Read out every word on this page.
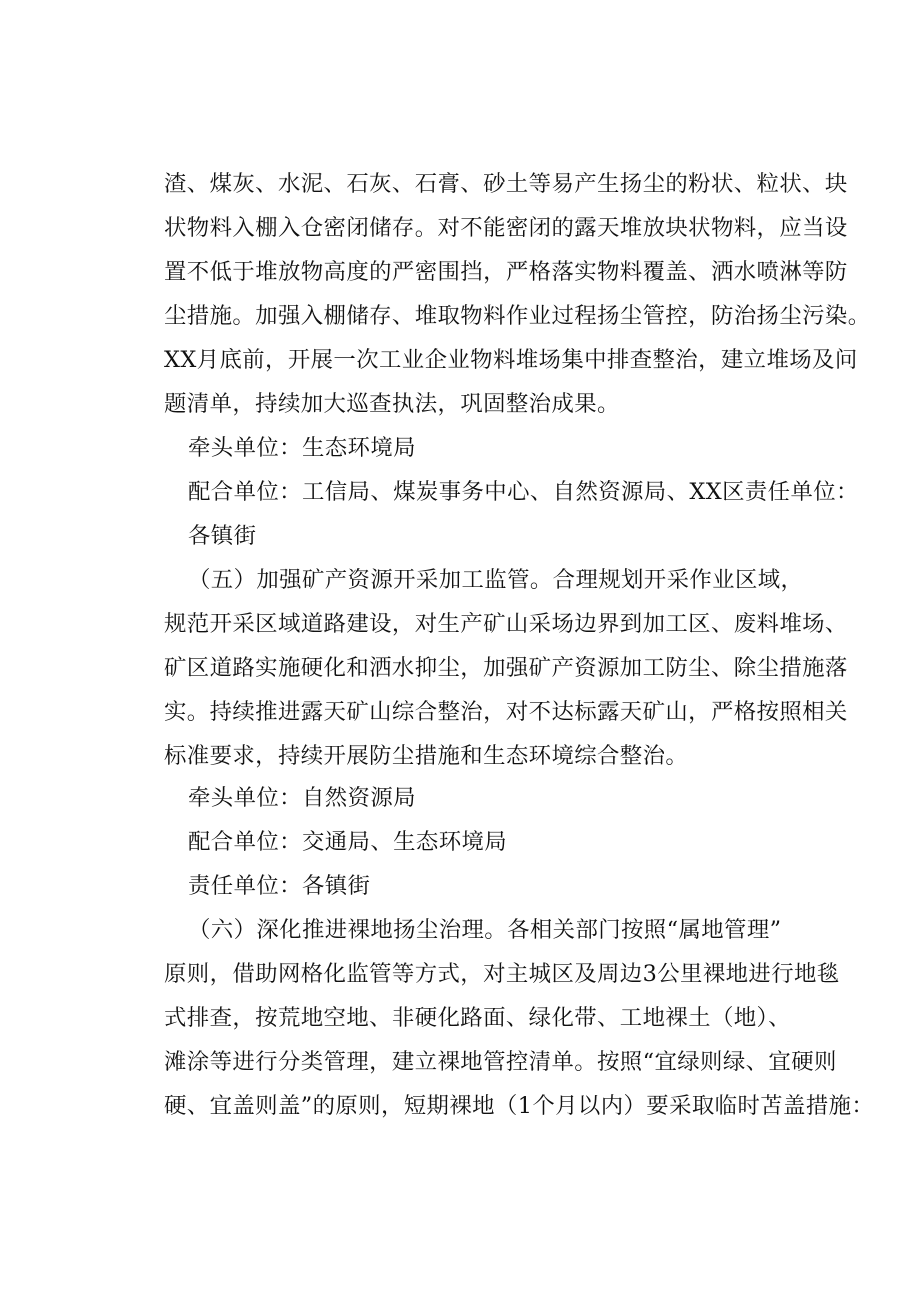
渣、煤灰、水泥、石灰、石膏、砂土等易产生扬尘的粉状、粒状、块
状物料入棚入仓密闭储存。对不能密闭的露天堆放块状物料，应当设
置不低于堆放物高度的严密围挡，严格落实物料覆盖、洒水喷淋等防
尘措施。加强入棚储存、堆取物料作业过程扬尘管控，防治扬尘污染。
XX月底前，开展一次工业企业物料堆场集中排查整治，建立堆场及问
题清单，持续加大巡查执法，巩固整治成果。
牵头单位：生态环境局
配合单位：工信局、煤炭事务中心、自然资源局、XX区责任单位：
各镇街
（五）加强矿产资源开采加工监管。合理规划开采作业区域，
规范开采区域道路建设，对生产矿山采场边界到加工区、废料堆场、
矿区道路实施硬化和洒水抑尘，加强矿产资源加工防尘、除尘措施落
实。持续推进露天矿山综合整治，对不达标露天矿山，严格按照相关
标准要求，持续开展防尘措施和生态环境综合整治。
牵头单位：自然资源局
配合单位：交通局、生态环境局
责任单位：各镇街
（六）深化推进裸地扬尘治理。各相关部门按照“属地管理”
原则，借助网格化监管等方式，对主城区及周边3公里裸地进行地毯
式排查，按荒地空地、非硬化路面、绿化带、工地裸土（地）、
滩涂等进行分类管理，建立裸地管控清单。按照“宜绿则绿、宜硬则
硬、宜盖则盖”的原则，短期裸地（1个月以内）要采取临时苫盖措施：
